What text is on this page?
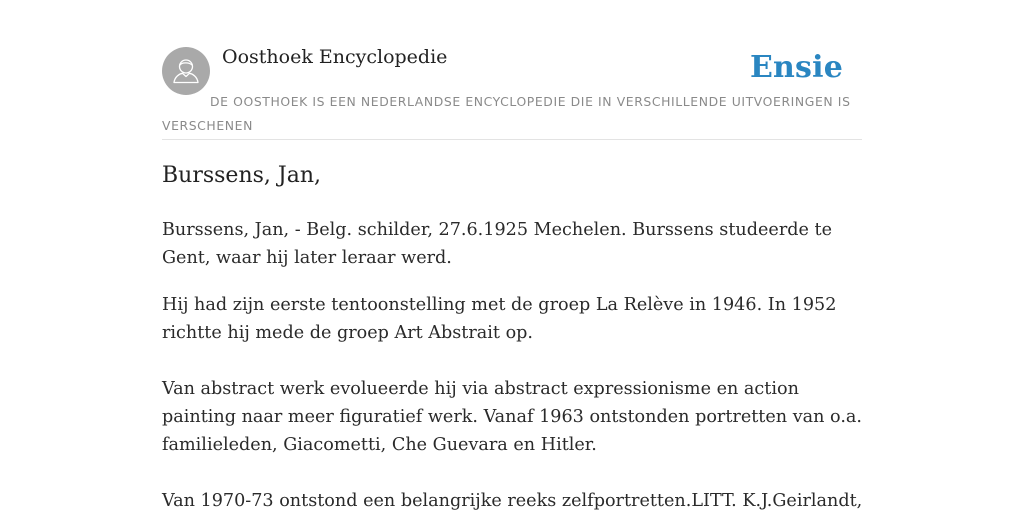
Oosthoek Encyclopedie	Ensie
DE OOSTHOEK IS EEN NEDERLANDSE ENCYCLOPEDIE DIE IN VERSCHILLENDE UITVOERINGEN IS VERSCHENEN
Burssens, Jan,

Burssens, Jan, - Belg. schilder, 27.6.1925 Mechelen. Burssens studeerde te Gent, waar hij later leraar werd.

Hij had zijn eerste tentoonstelling met de groep La Relève in 1946. In 1952 richtte hij mede de groep Art Abstrait op.

Van abstract werk evolueerde hij via abstract expressionisme en action painting naar meer figuratief werk. Vanaf 1963 ontstonden portretten van o.a. familieleden, Giacometti, Che Guevara en Hitler.

Van 1970-73 ontstond een belangrijke reeks zelfportretten.LITT. K.J.Geirlandt,
